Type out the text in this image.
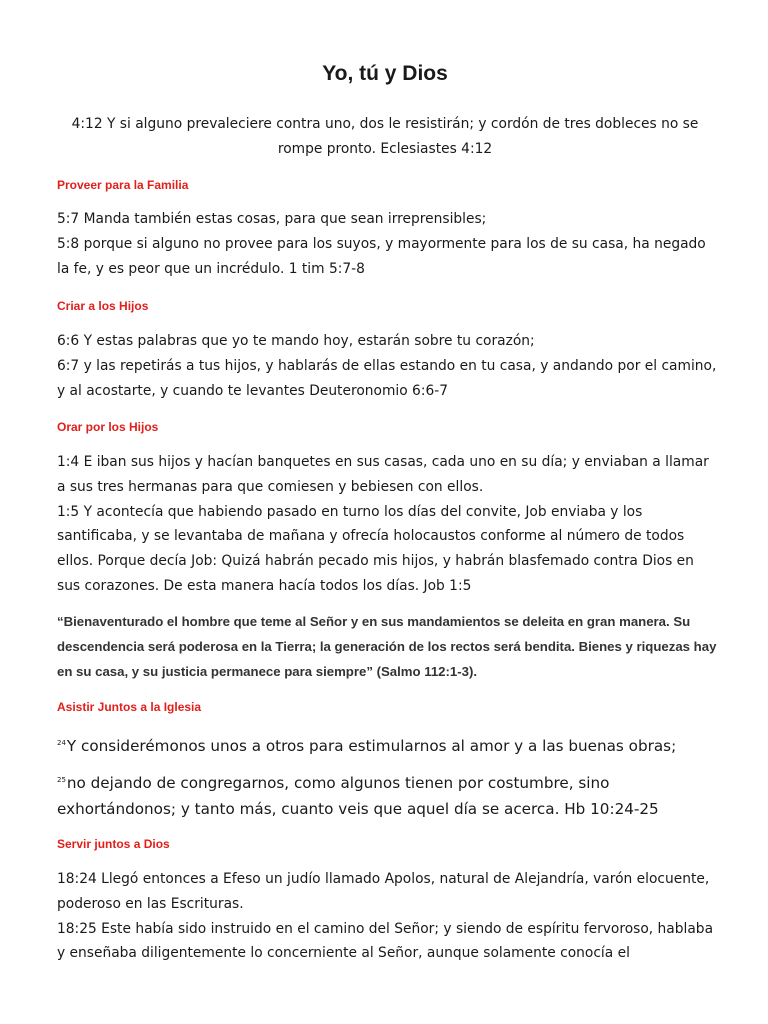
Yo, tú y Dios

4:12 Y si alguno prevaleciere contra uno, dos le resistirán; y cordón de tres dobleces no se rompe pronto. Eclesiastes 4:12

Proveer para la Familia

5:7 Manda también estas cosas, para que sean irreprensibles;

5:8 porque si alguno no provee para los suyos, y mayormente para los de su casa, ha negado la fe, y es peor que un incrédulo. 1 tim 5:7-8

Criar a los Hijos

6:6 Y estas palabras que yo te mando hoy, estarán sobre tu corazón;

6:7 y las repetirás a tus hijos, y hablarás de ellas estando en tu casa, y andando por el camino, y al acostarte, y cuando te levantes Deuteronomio 6:6-7

Orar por los Hijos

1:4 E iban sus hijos y hacían banquetes en sus casas, cada uno en su día; y enviaban a llamar a sus tres hermanas para que comiesen y bebiesen con ellos.

1:5 Y acontecía que habiendo pasado en turno los días del convite, Job enviaba y los santificaba, y se levantaba de mañana y ofrecía holocaustos conforme al número de todos ellos. Porque decía Job: Quizá habrán pecado mis hijos, y habrán blasfemado contra Dios en sus corazones. De esta manera hacía todos los días. Job 1:5

“Bienaventurado el hombre que teme al Señor y en sus mandamientos se deleita en gran manera. Su descendencia será poderosa en la Tierra; la generación de los rectos será bendita. Bienes y riquezas hay en su casa, y su justicia permanece para siempre” (Salmo 112:1-3).

Asistir Juntos a la Iglesia

$^{24}$Y considerémonos unos a otros para estimularnos al amor y a las buenas obras;

$^{25}$no dejando de congregarnos, como algunos tienen por costumbre, sino exhortándonos; y tanto más, cuanto veis que aquel día se acerca. Hb 10:24-25

Servir juntos a Dios

18:24 Llegó entonces a Efeso un judío llamado Apolos, natural de Alejandría, varón elocuente, poderoso en las Escrituras.

18:25 Este había sido instruido en el camino del Señor; y siendo de espíritu fervoroso, hablaba y enseñaba diligentemente lo concerniente al Señor, aunque solamente conocía el
